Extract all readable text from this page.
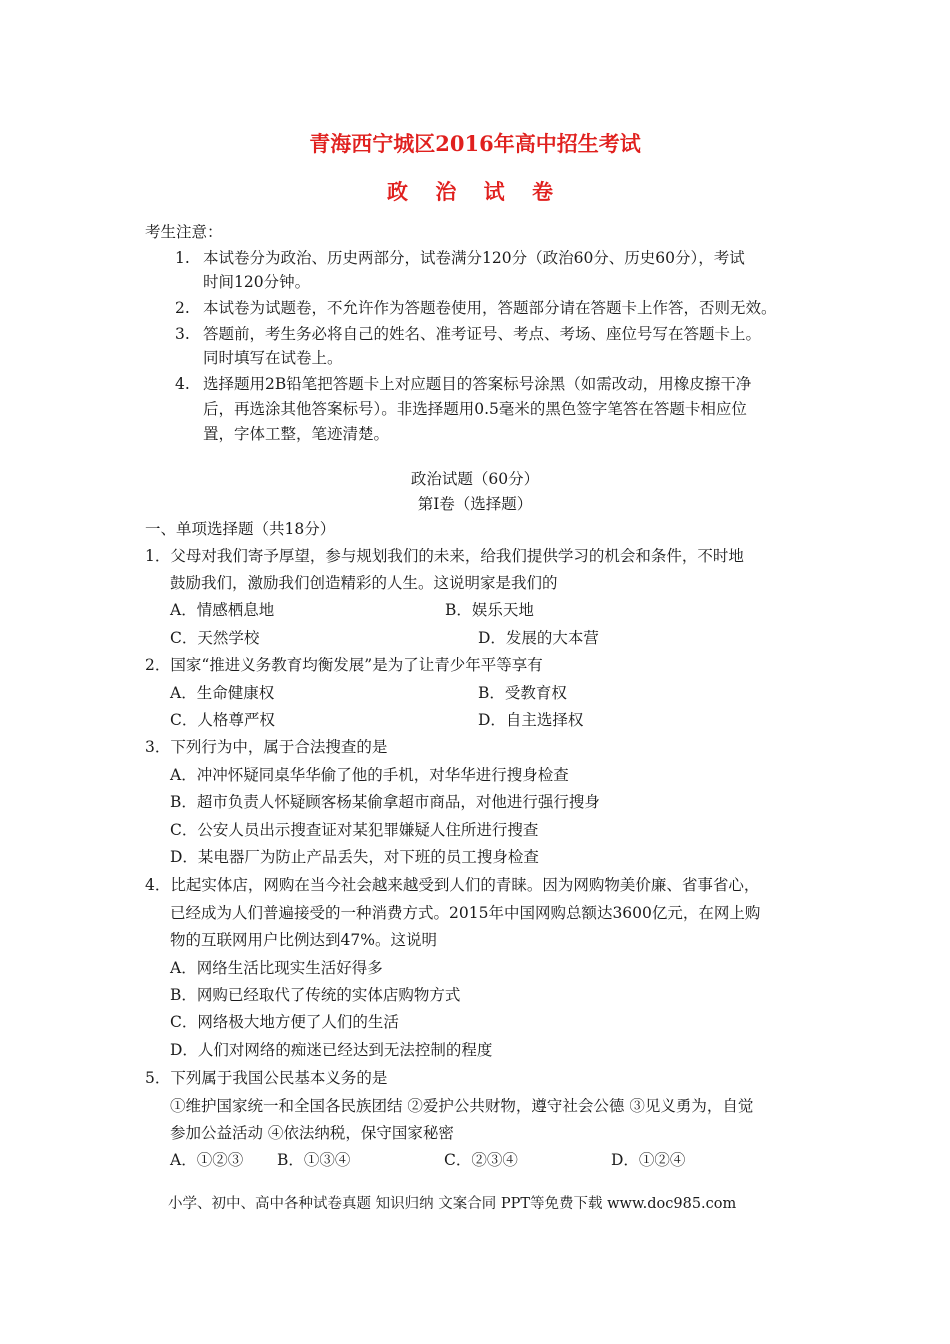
青海西宁城区2016年高中招生考试
政 治 试 卷
考生注意：
1. 本试卷分为政治、历史两部分，试卷满分120分（政治60分、历史60分），考试
时间120分钟。
2. 本试卷为试题卷，不允许作为答题卷使用，答题部分请在答题卡上作答，否则无效。
3. 答题前，考生务必将自己的姓名、准考证号、考点、考场、座位号写在答题卡上。
同时填写在试卷上。
4. 选择题用2B铅笔把答题卡上对应题目的答案标号涂黑（如需改动，用橡皮擦干净
后，再选涂其他答案标号）。非选择题用0.5毫米的黑色签字笔答在答题卡相应位
置，字体工整，笔迹清楚。
政治试题（60分）
第Ⅰ卷（选择题）
一、单项选择题（共18分）
1．父母对我们寄予厚望，参与规划我们的未来，给我们提供学习的机会和条件，不时地
鼓励我们，激励我们创造精彩的人生。这说明家是我们的
A．情感栖息地	B．娱乐天地
C．天然学校	D．发展的大本营
2．国家“推进义务教育均衡发展”是为了让青少年平等享有
A．生命健康权	B．受教育权
C．人格尊严权	D．自主选择权
3．下列行为中，属于合法搜查的是
A．冲冲怀疑同桌华华偷了他的手机，对华华进行搜身检查
B．超市负责人怀疑顾客杨某偷拿超市商品，对他进行强行搜身
C．公安人员出示搜查证对某犯罪嫌疑人住所进行搜查
D．某电器厂为防止产品丢失，对下班的员工搜身检查
4．比起实体店，网购在当今社会越来越受到人们的青睐。因为网购物美价廉、省事省心，
已经成为人们普遍接受的一种消费方式。2015年中国网购总额达3600亿元，在网上购
物的互联网用户比例达到47%。这说明
A．网络生活比现实生活好得多
B．网购已经取代了传统的实体店购物方式
C．网络极大地方便了人们的生活
D．人们对网络的痴迷已经达到无法控制的程度
5．下列属于我国公民基本义务的是
①维护国家统一和全国各民族团结 ②爱护公共财物，遵守社会公德 ③见义勇为，自觉
参加公益活动 ④依法纳税，保守国家秘密
A．①②③ B．①③④	C．②③④	D．①②④
小学、初中、高中各种试卷真题 知识归纳 文案合同 PPT等免费下载 www.doc985.com
